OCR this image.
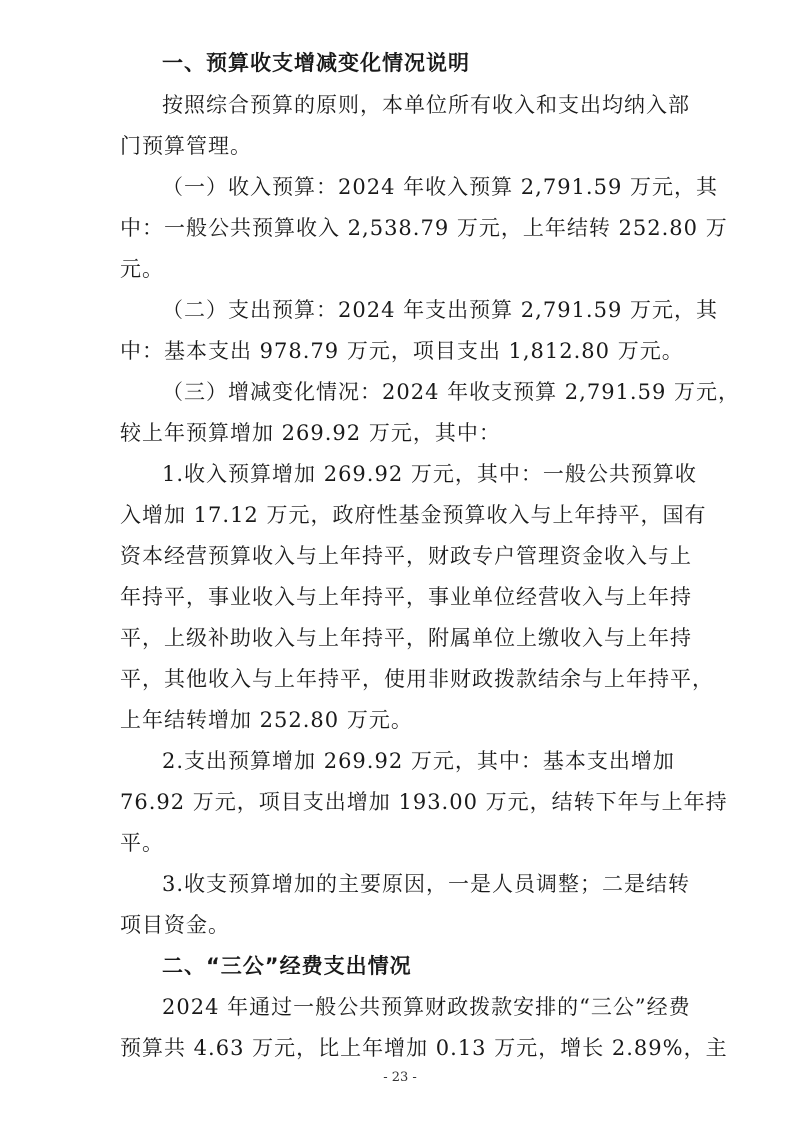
一、预算收支增减变化情况说明
按照综合预算的原则，本单位所有收入和支出均纳入部
门预算管理。
（一）收入预算：2024 年收入预算 2,791.59 万元，其
中：一般公共预算收入 2,538.79 万元，上年结转 252.80 万
元。
（二）支出预算：2024 年支出预算 2,791.59 万元，其
中：基本支出 978.79 万元，项目支出 1,812.80 万元。
（三）增减变化情况：2024 年收支预算 2,791.59 万元，
较上年预算增加 269.92 万元，其中：
1.收入预算增加 269.92 万元，其中：一般公共预算收
入增加 17.12 万元，政府性基金预算收入与上年持平，国有
资本经营预算收入与上年持平，财政专户管理资金收入与上
年持平，事业收入与上年持平，事业单位经营收入与上年持
平，上级补助收入与上年持平，附属单位上缴收入与上年持
平，其他收入与上年持平，使用非财政拨款结余与上年持平，
上年结转增加 252.80 万元。
2.支出预算增加 269.92 万元，其中：基本支出增加
76.92 万元，项目支出增加 193.00 万元，结转下年与上年持
平。
3.收支预算增加的主要原因，一是人员调整；二是结转
项目资金。
二、“三公”经费支出情况
2024 年通过一般公共预算财政拨款安排的“三公”经费
预算共 4.63 万元，比上年增加 0.13 万元，增长 2.89%，主
- 23 -
